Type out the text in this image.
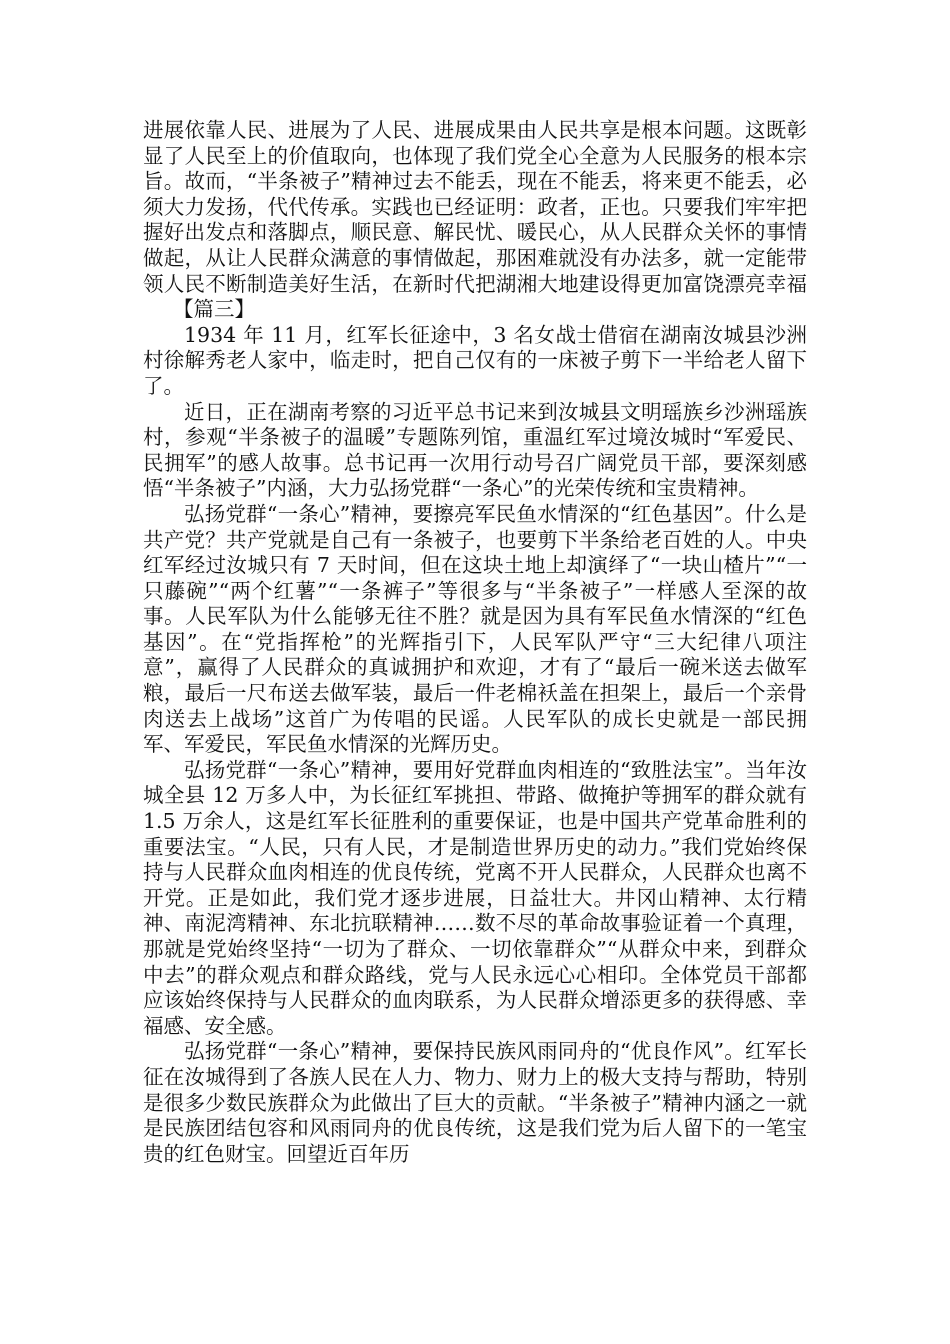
进展依靠人民、进展为了人民、进展成果由人民共享是根本问题。这既彰显了人民至上的价值取向，也体现了我们党全心全意为人民服务的根本宗旨。故而，“半条被子”精神过去不能丢，现在不能丢，将来更不能丢，必须大力发扬，代代传承。实践也已经证明：政者，正也。只要我们牢牢把握好出发点和落脚点，顺民意、解民忧、暖民心，从人民群众关怀的事情做起，从让人民群众满意的事情做起，那困难就没有办法多，就一定能带领人民不断制造美好生活，在新时代把湖湘大地建设得更加富饶漂亮幸福【篇三】

1934 年 11 月，红军长征途中，3 名女战士借宿在湖南汝城县沙洲村徐解秀老人家中，临走时，把自己仅有的一床被子剪下一半给老人留下了。

近日，正在湖南考察的习近平总书记来到汝城县文明瑶族乡沙洲瑶族村，参观“半条被子的温暖”专题陈列馆，重温红军过境汝城时“军爱民、民拥军”的感人故事。总书记再一次用行动号召广阔党员干部，要深刻感悟“半条被子”内涵，大力弘扬党群“一条心”的光荣传统和宝贵精神。

弘扬党群“一条心”精神，要擦亮军民鱼水情深的“红色基因”。什么是共产党？共产党就是自己有一条被子，也要剪下半条给老百姓的人。中央红军经过汝城只有 7 天时间，但在这块土地上却演绎了“一块山楂片”“一只藤碗”“两个红薯”“一条裤子”等很多与“半条被子”一样感人至深的故事。人民军队为什么能够无往不胜？就是因为具有军民鱼水情深的“红色基因”。在“党指挥枪”的光辉指引下，人民军队严守“三大纪律八项注意”，赢得了人民群众的真诚拥护和欢迎，才有了“最后一碗米送去做军粮，最后一尺布送去做军装，最后一件老棉袄盖在担架上，最后一个亲骨肉送去上战场”这首广为传唱的民谣。人民军队的成长史就是一部民拥军、军爱民，军民鱼水情深的光辉历史。

弘扬党群“一条心”精神，要用好党群血肉相连的“致胜法宝”。当年汝城全县 12 万多人中，为长征红军挑担、带路、做掩护等拥军的群众就有 1.5 万余人，这是红军长征胜利的重要保证，也是中国共产党革命胜利的重要法宝。“人民，只有人民，才是制造世界历史的动力。”我们党始终保持与人民群众血肉相连的优良传统，党离不开人民群众，人民群众也离不开党。正是如此，我们党才逐步进展，日益壮大。井冈山精神、太行精神、南泥湾精神、东北抗联精神……数不尽的革命故事验证着一个真理，那就是党始终坚持“一切为了群众、一切依靠群众”“从群众中来，到群众中去”的群众观点和群众路线，党与人民永远心心相印。全体党员干部都应该始终保持与人民群众的血肉联系，为人民群众增添更多的获得感、幸福感、安全感。

弘扬党群“一条心”精神，要保持民族风雨同舟的“优良作风”。红军长征在汝城得到了各族人民在人力、物力、财力上的极大支持与帮助，特别是很多少数民族群众为此做出了巨大的贡献。“半条被子”精神内涵之一就是民族团结包容和风雨同舟的优良传统，这是我们党为后人留下的一笔宝贵的红色财宝。回望近百年历
